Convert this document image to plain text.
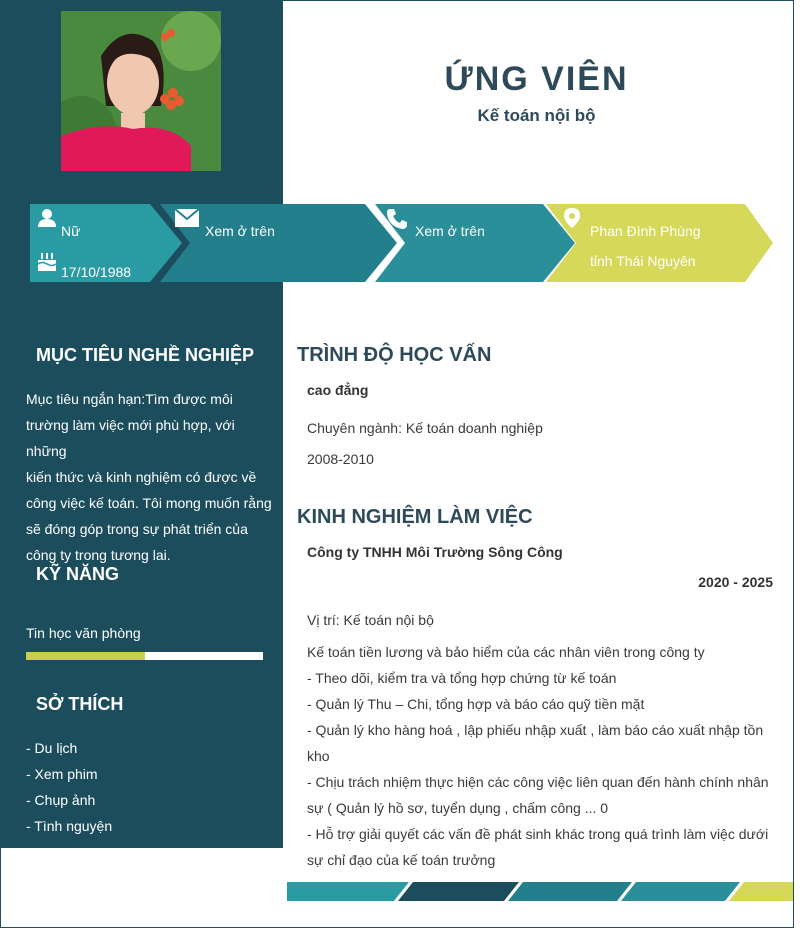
ỨNG VIÊN
Kế toán nội bộ
Nữ
17/10/1988
Xem ở trên	Xem ở trên	Phan Đình Phùng
tỉnh Thái Nguyên
MỤC TIÊU NGHỀ NGHIỆP
Mục tiêu ngắn hạn:Tìm được môi
trường làm việc mới phù hợp, với những
kiến thức và kinh nghiệm có được về
công việc kế toán. Tôi mong muốn rằng
sẽ đóng góp trong sự phát triển của
công ty trong tương lai.
KỸ NĂNG
Tin học văn phòng
SỞ THÍCH
- Du lịch
- Xem phim
- Chụp ảnh
- Tình nguyện
TRÌNH ĐỘ HỌC VẤN
cao đẳng
Chuyên ngành: Kế toán doanh nghiệp
2008-2010
KINH NGHIỆM LÀM VIỆC
Công ty TNHH Môi Trường Sông Công
2020 - 2025
Vị trí: Kế toán nội bộ
Kế toán tiền lương và bảo hiểm của các nhân viên trong công ty
- Theo dõi, kiểm tra và tổng hợp chứng từ kế toán
- Quản lý Thu – Chi, tổng hợp và báo cáo quỹ tiền mặt
- Quản lý kho hàng hoá , lập phiếu nhập xuất , làm báo cáo xuất nhập tồn kho
- Chịu trách nhiệm thực hiện các công việc liên quan đến hành chính nhân sự ( Quản lý hồ sơ, tuyển dụng , chấm công ... 0
- Hỗ trợ giải quyết các vấn đề phát sinh khác trong quá trình làm việc dưới sự chỉ đạo của kế toán trưởng
